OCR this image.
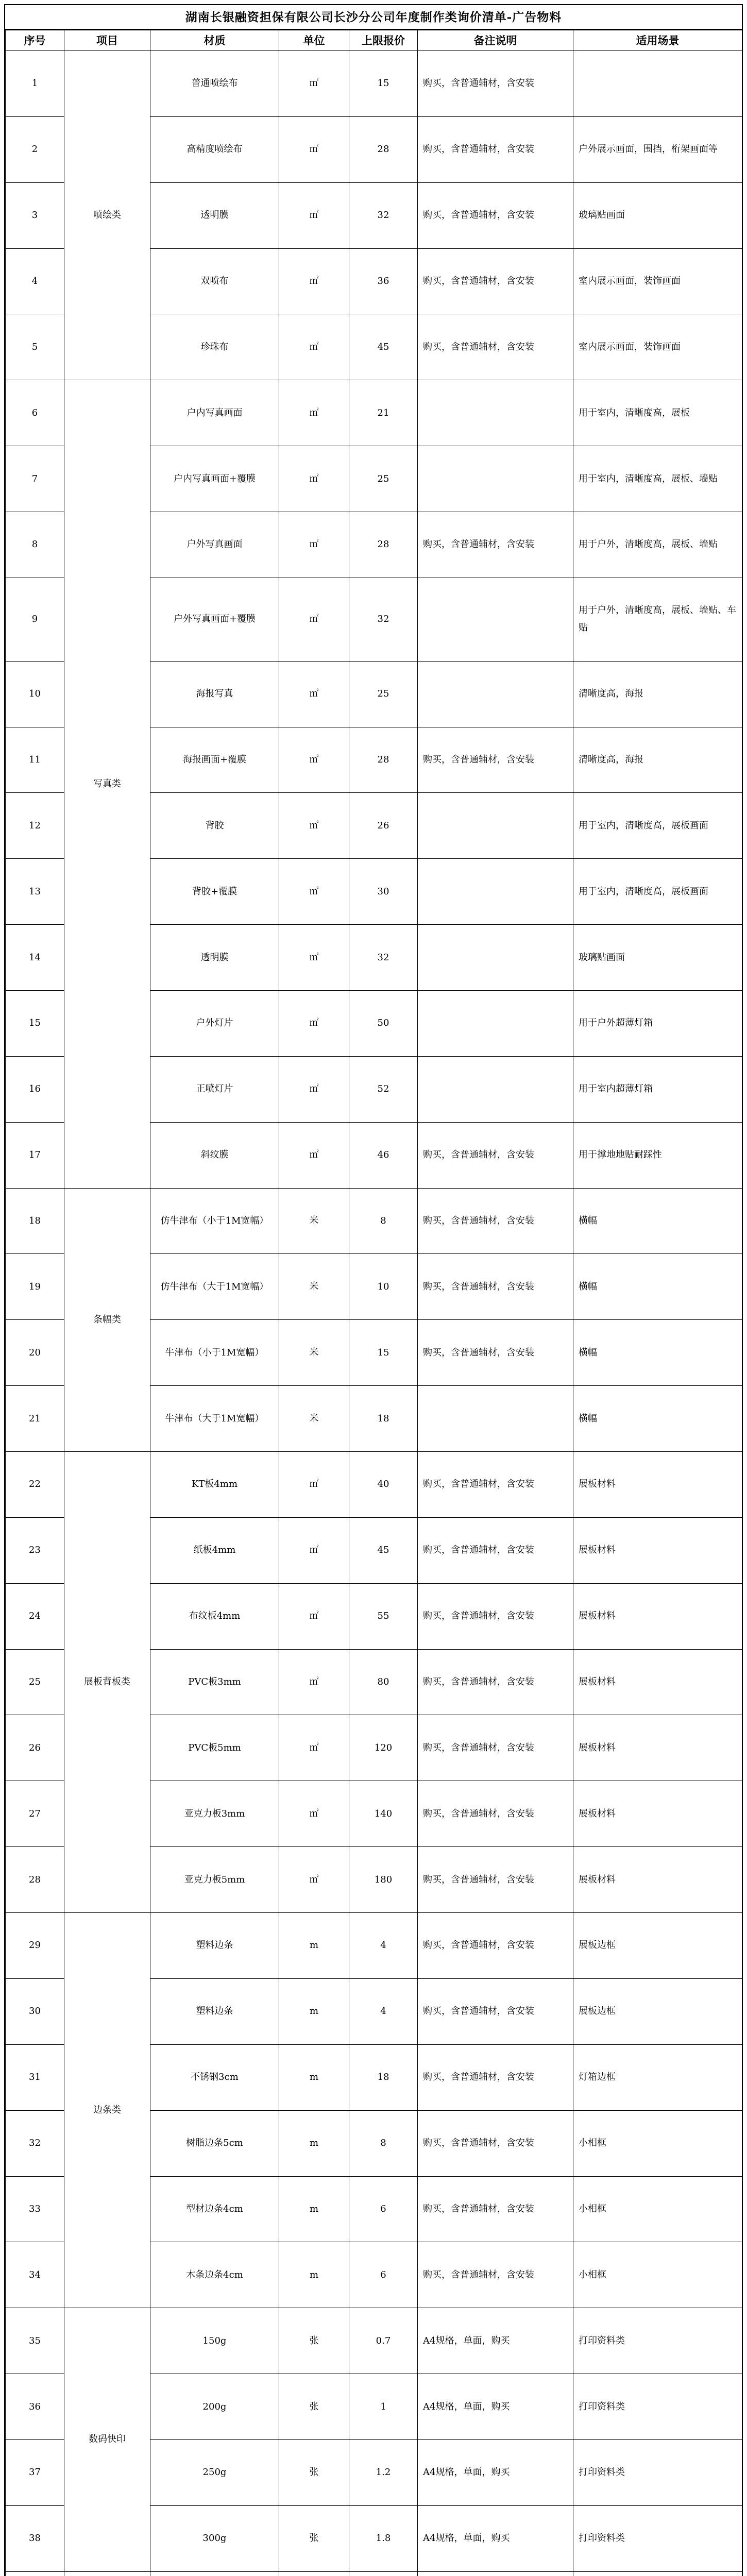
湖南长银融资担保有限公司长沙分公司年度制作类询价清单-广告物料
序号	项目	材质	单位	上限报价	备注说明	适用场景
1	喷绘类	普通喷绘布	㎡	15	购买，含普通辅材，含安装	
2		高精度喷绘布	㎡	28	购买，含普通辅材，含安装	户外展示画面，围挡，桁架画面等
3		透明膜	㎡	32	购买，含普通辅材，含安装	玻璃贴画面
4		双喷布	㎡	36	购买，含普通辅材，含安装	室内展示画面，装饰画面
5		珍珠布	㎡	45	购买，含普通辅材，含安装	室内展示画面，装饰画面
6	写真类	户内写真画面	㎡	21		用于室内，清晰度高，展板
7		户内写真画面+覆膜	㎡	25		用于室内，清晰度高，展板、墙贴
8		户外写真画面	㎡	28	购买，含普通辅材，含安装	用于户外，清晰度高，展板、墙贴
9		户外写真画面+覆膜	㎡	32		用于户外，清晰度高，展板、墙贴、车贴
10		海报写真	㎡	25		清晰度高，海报
11		海报画面+覆膜	㎡	28	购买，含普通辅材，含安装	清晰度高，海报
12		背胶	㎡	26		用于室内，清晰度高，展板画面
13		背胶+覆膜	㎡	30		用于室内，清晰度高，展板画面
14		透明膜	㎡	32		玻璃贴画面
15		户外灯片	㎡	50		用于户外超薄灯箱
16		正喷灯片	㎡	52		用于室内超薄灯箱
17		斜纹膜	㎡	46	购买，含普通辅材，含安装	用于撑地地贴耐踩性
18	条幅类	仿牛津布（小于1M宽幅）	米	8	购买，含普通辅材，含安装	横幅
19		仿牛津布（大于1M宽幅）	米	10	购买，含普通辅材，含安装	横幅
20		牛津布（小于1M宽幅）	米	15	购买，含普通辅材，含安装	横幅
21		牛津布（大于1M宽幅）	米	18		横幅
22	展板背板类	KT板4mm	㎡	40	购买，含普通辅材，含安装	展板材料
23		纸板4mm	㎡	45	购买，含普通辅材，含安装	展板材料
24		布纹板4mm	㎡	55	购买，含普通辅材，含安装	展板材料
25		PVC板3mm	㎡	80	购买，含普通辅材，含安装	展板材料
26		PVC板5mm	㎡	120	购买，含普通辅材，含安装	展板材料
27		亚克力板3mm	㎡	140	购买，含普通辅材，含安装	展板材料
28		亚克力板5mm	㎡	180	购买，含普通辅材，含安装	展板材料
29	边条类	塑料边条	m	4	购买，含普通辅材，含安装	展板边框
30		塑料边条	m	4	购买，含普通辅材，含安装	展板边框
31		不锈钢3cm	m	18	购买，含普通辅材，含安装	灯箱边框
32		树脂边条5cm	m	8	购买，含普通辅材，含安装	小相框
33		型材边条4cm	m	6	购买，含普通辅材，含安装	小相框
34		木条边条4cm	m	6	购买，含普通辅材，含安装	小相框
35	数码快印	150g	张	0.7	A4规格，单面，购买	打印资料类
36		200g	张	1	A4规格，单面，购买	打印资料类
37		250g	张	1.2	A4规格，单面，购买	打印资料类
38		300g	张	1.8	A4规格，单面，购买	打印资料类
